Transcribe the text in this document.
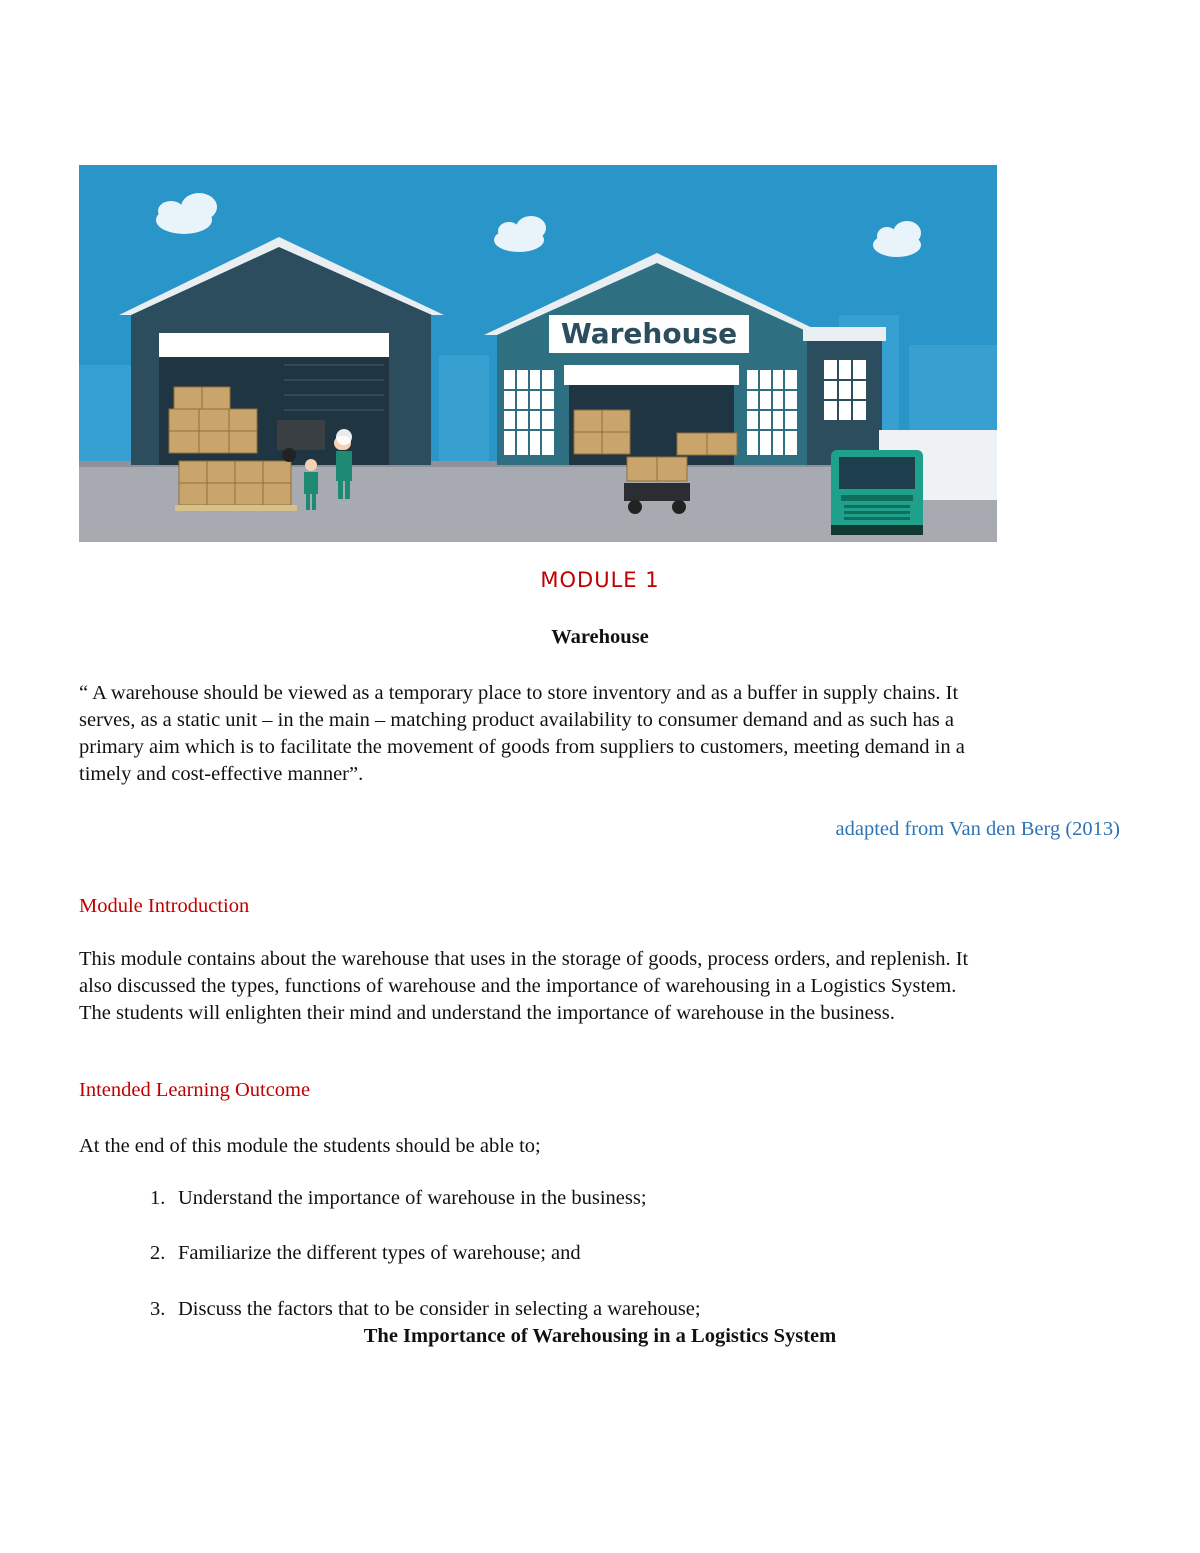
Warehouse
MODULE 1
Warehouse
“ A warehouse should be viewed as a temporary place to store inventory and as a buffer in supply chains. It
serves, as a static unit – in the main – matching product availability to consumer demand and as such has a
primary aim which is to facilitate the movement of goods from suppliers to customers, meeting demand in a
timely and cost-effective manner”.
adapted from Van den Berg (2013)
Module Introduction
This module contains about the warehouse that uses in the storage of goods, process orders, and replenish. It
also discussed the types, functions of warehouse and the importance of warehousing in a Logistics System.
The students will enlighten their mind and understand the importance of warehouse in the business.
Intended Learning Outcome
At the end of this module the students should be able to;
1. Understand the importance of warehouse in the business;
2. Familiarize the different types of warehouse; and
3. Discuss the factors that to be consider in selecting a warehouse;
The Importance of Warehousing in a Logistics System
